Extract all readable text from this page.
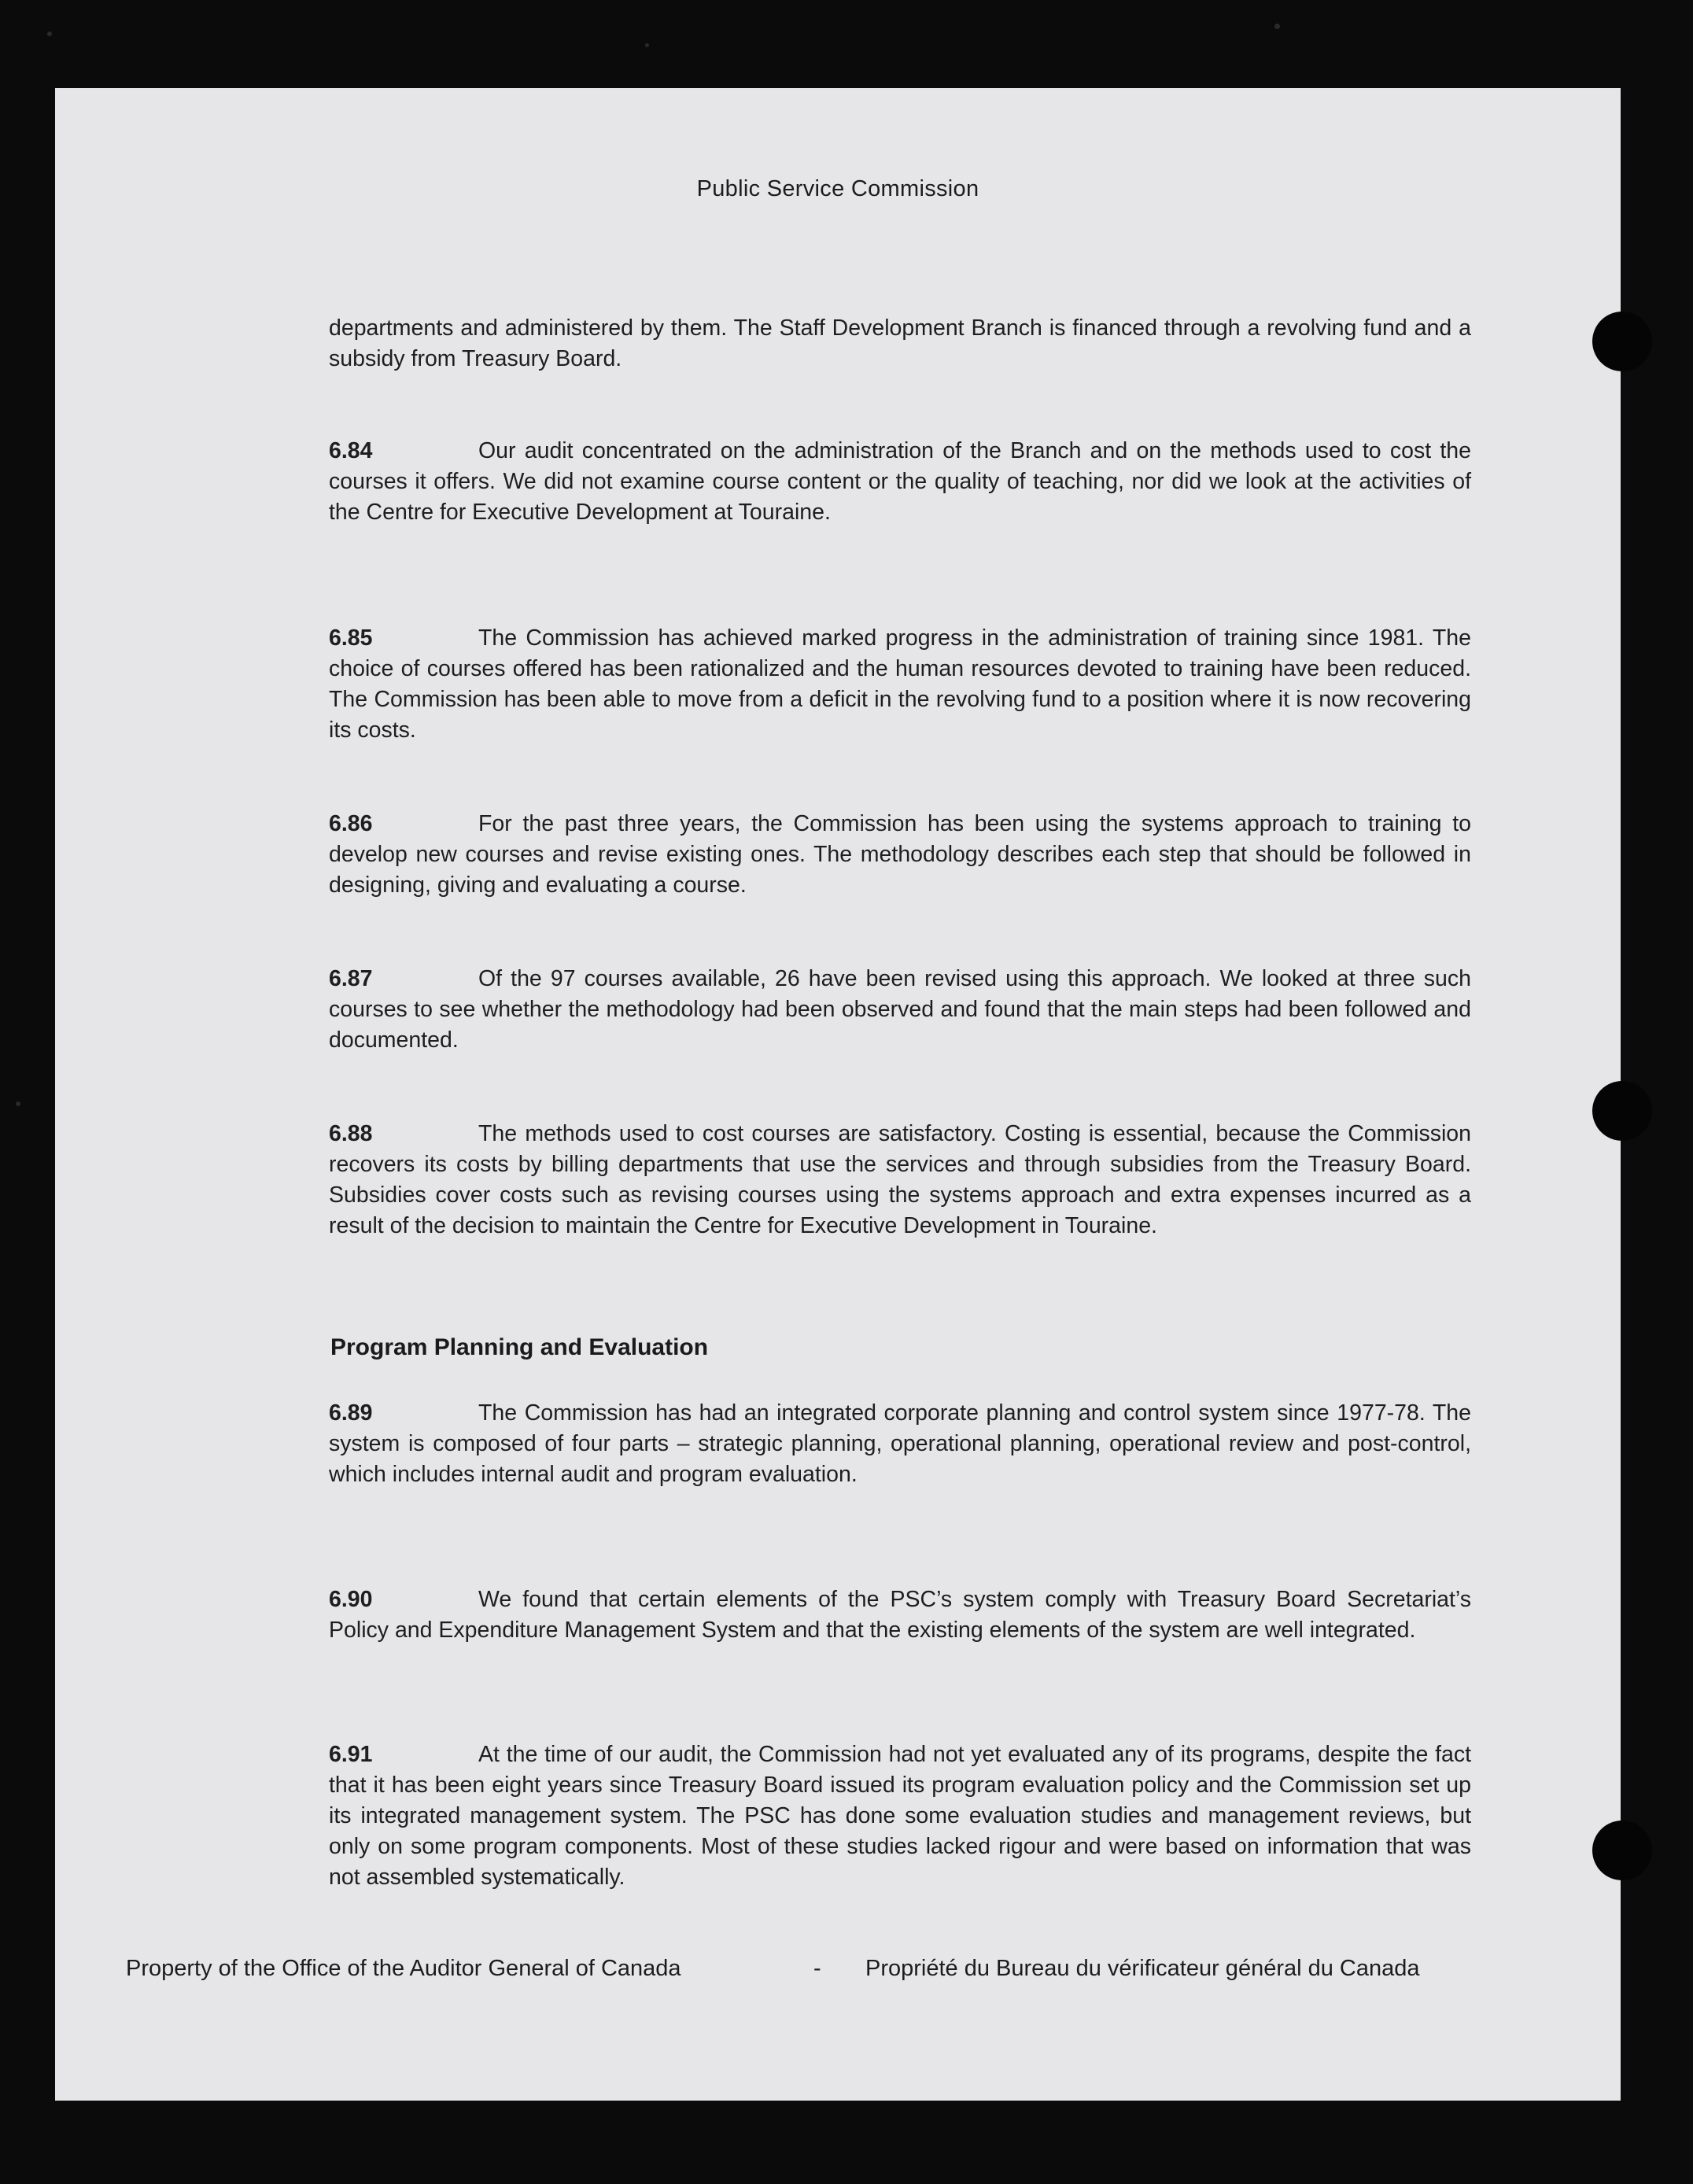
Public Service Commission

departments and administered by them. The Staff Development Branch is financed through a revolving fund and a subsidy from Treasury Board.

6.84	Our audit concentrated on the administration of the Branch and on the methods used to cost the courses it offers. We did not examine course content or the quality of teaching, nor did we look at the activities of the Centre for Executive Development at Touraine.

6.85	The Commission has achieved marked progress in the administration of training since 1981. The choice of courses offered has been rationalized and the human resources devoted to training have been reduced. The Commission has been able to move from a deficit in the revolving fund to a position where it is now recovering its costs.

6.86	For the past three years, the Commission has been using the systems approach to training to develop new courses and revise existing ones. The methodology describes each step that should be followed in designing, giving and evaluating a course.

6.87	Of the 97 courses available, 26 have been revised using this approach. We looked at three such courses to see whether the methodology had been observed and found that the main steps had been followed and documented.

6.88	The methods used to cost courses are satisfactory. Costing is essential, because the Commission recovers its costs by billing departments that use the services and through subsidies from the Treasury Board. Subsidies cover costs such as revising courses using the systems approach and extra expenses incurred as a result of the decision to maintain the Centre for Executive Development in Touraine.

Program Planning and Evaluation

6.89	The Commission has had an integrated corporate planning and control system since 1977-78. The system is composed of four parts – strategic planning, operational planning, operational review and post-control, which includes internal audit and program evaluation.

6.90	We found that certain elements of the PSC’s system comply with Treasury Board Secretariat’s Policy and Expenditure Management System and that the existing elements of the system are well integrated.

6.91	At the time of our audit, the Commission had not yet evaluated any of its programs, despite the fact that it has been eight years since Treasury Board issued its program evaluation policy and the Commission set up its integrated management system. The PSC has done some evaluation studies and management reviews, but only on some program components. Most of these studies lacked rigour and were based on information that was not assembled systematically.

Property of the Office of the Auditor General of Canada	- Propriété du Bureau du vérificateur général du Canada
